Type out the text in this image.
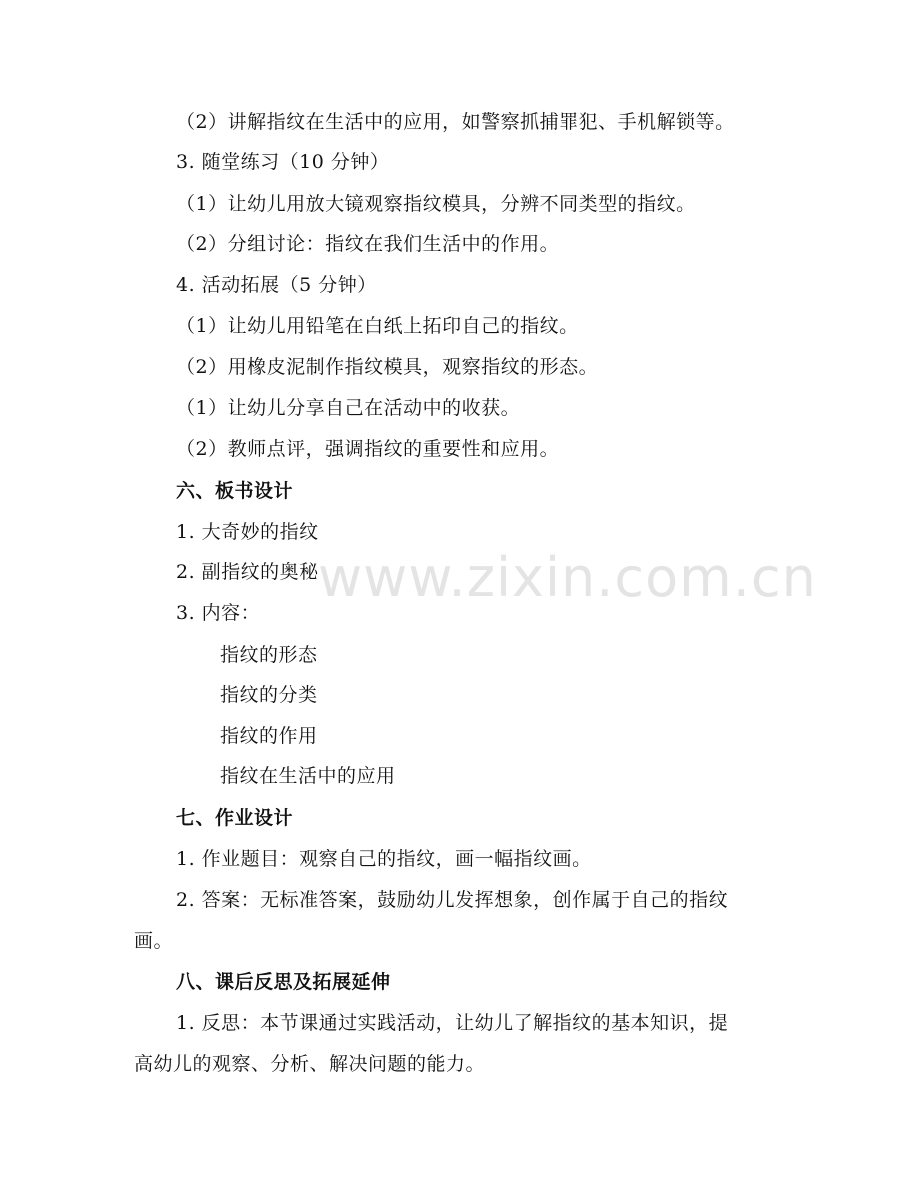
（2）讲解指纹在生活中的应用，如警察抓捕罪犯、手机解锁等。
3. 随堂练习（10 分钟）
（1）让幼儿用放大镜观察指纹模具，分辨不同类型的指纹。
（2）分组讨论：指纹在我们生活中的作用。
4. 活动拓展（5 分钟）
（1）让幼儿用铅笔在白纸上拓印自己的指纹。
（2）用橡皮泥制作指纹模具，观察指纹的形态。
（1）让幼儿分享自己在活动中的收获。
（2）教师点评，强调指纹的重要性和应用。
六、板书设计
1. 大奇妙的指纹
2. 副指纹的奥秘
3. 内容：
指纹的形态
指纹的分类
指纹的作用
指纹在生活中的应用
七、作业设计
1. 作业题目：观察自己的指纹，画一幅指纹画。
2. 答案：无标准答案，鼓励幼儿发挥想象，创作属于自己的指纹
画。
八、课后反思及拓展延伸
1. 反思：本节课通过实践活动，让幼儿了解指纹的基本知识，提
高幼儿的观察、分析、解决问题的能力。
www.zixin.com.cn
